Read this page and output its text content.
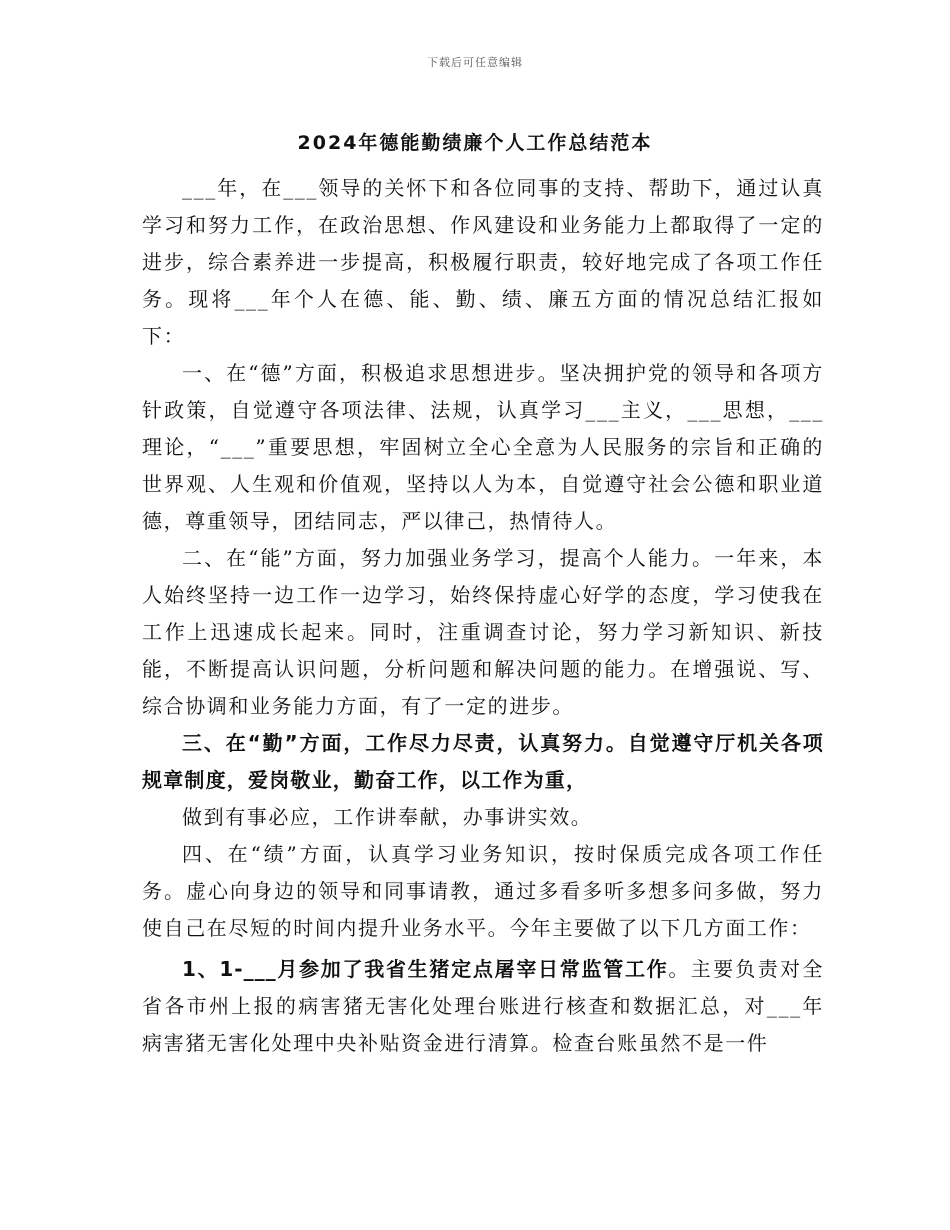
下载后可任意编辑
2024年德能勤绩廉个人工作总结范本

___年，在___领导的关怀下和各位同事的支持、帮助下，通过认真学习和努力工作，在政治思想、作风建设和业务能力上都取得了一定的进步，综合素养进一步提高，积极履行职责，较好地完成了各项工作任务。现将___年个人在德、能、勤、绩、廉五方面的情况总结汇报如下：

一、在“德”方面，积极追求思想进步。坚决拥护党的领导和各项方针政策，自觉遵守各项法律、法规，认真学习___主义，___思想，___理论，“___”重要思想，牢固树立全心全意为人民服务的宗旨和正确的世界观、人生观和价值观，坚持以人为本，自觉遵守社会公德和职业道德，尊重领导，团结同志，严以律己，热情待人。

二、在“能”方面，努力加强业务学习，提高个人能力。一年来，本人始终坚持一边工作一边学习，始终保持虚心好学的态度，学习使我在工作上迅速成长起来。同时，注重调查讨论，努力学习新知识、新技能，不断提高认识问题，分析问题和解决问题的能力。在增强说、写、综合协调和业务能力方面，有了一定的进步。

三、在“勤”方面，工作尽力尽责，认真努力。自觉遵守厅机关各项规章制度，爱岗敬业，勤奋工作，以工作为重，

做到有事必应，工作讲奉献，办事讲实效。

四、在“绩”方面，认真学习业务知识，按时保质完成各项工作任务。虚心向身边的领导和同事请教，通过多看多听多想多问多做，努力使自己在尽短的时间内提升业务水平。今年主要做了以下几方面工作：

1、1-___月参加了我省生猪定点屠宰日常监管工作。主要负责对全省各市州上报的病害猪无害化处理台账进行核查和数据汇总，对___年病害猪无害化处理中央补贴资金进行清算。检查台账虽然不是一件
